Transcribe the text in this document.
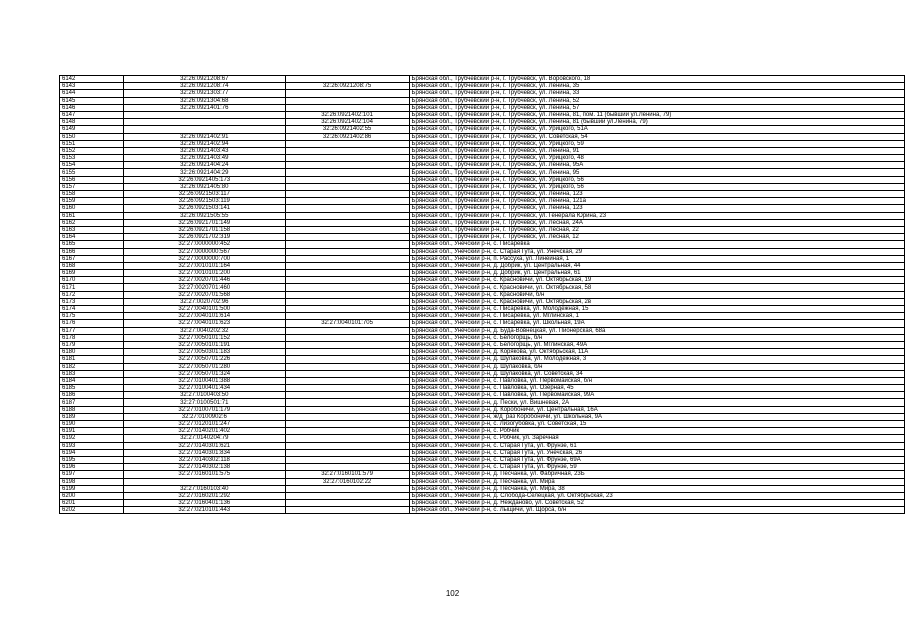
6142	32:26:0921208:67		Брянская обл., Трубчевский р-н, г. Трубчевск, ул. Воровского, 18
6143	32:26:0921208:74	32:26:0921208:75	Брянская обл., Трубчевский р-н, г. Трубчевск, ул. Ленина, 35
6144	32:26:0921303:77		Брянская обл., Трубчевский р-н, г. Трубчевск, ул. Ленина, 33
6145	32:26:0921304:68		Брянская обл., Трубчевский р-н, г. Трубчевск, ул. Ленина, 52
6146	32:26:0921401:76		Брянская обл., Трубчевский р-н, г. Трубчевск, ул. Ленина, 57
6147		32:26:0921402:101	Брянская обл., Трубчевский р-н, г. Трубчевск, ул. Ленина, 81, пом. 11 (бывший ул.Ленина, 79)
6148		32:26:0921402:104	Брянская обл., Трубчевский р-н, г. Трубчевск, ул. Ленина, 81 (бывший ул.Ленина, 79)
6149		32:26:0921402:55	Брянская обл., Трубчевский р-н, г. Трубчевск, ул. Урицкого, 51А
6150	32:26:0921402:91	32:26:0921402:86	Брянская обл., Трубчевский р-н, г. Трубчевск, ул. Советская, 54
6151	32:26:0921402:94		Брянская обл., Трубчевский р-н, г. Трубчевск, ул. Урицкого, 59
6152	32:26:0921403:43		Брянская обл., Трубчевский р-н, г. Трубчевск, ул. Ленина, 91
6153	32:26:0921403:49		Брянская обл., Трубчевский р-н, г. Трубчевск, ул. Урицкого, 48
6154	32:26:0921404:24		Брянская обл., Трубчевский р-н, г. Трубчевск, ул. Ленина, 95А
6155	32:26:0921404:29		Брянская обл., Трубчевский р-н, г. Трубчевск, ул. Ленина, 95
6156	32:26:0921405:173		Брянская обл., Трубчевский р-н, г. Трубчевск, ул. Урицкого, 56
6157	32:26:0921405:80		Брянская обл., Трубчевский р-н, г. Трубчевск, ул. Урицкого, 56
6158	32:26:0921503:117		Брянская обл., Трубчевский р-н, г. Трубчевск, ул. Ленина, 123
6159	32:26:0921503:119		Брянская обл., Трубчевский р-н, г. Трубчевск, ул. Ленина, 121а
6160	32:26:0921503:141		Брянская обл., Трубчевский р-н, г. Трубчевск, ул. Ленина, 123
6161	32:26:0921505:55		Брянская обл., Трубчевский р-н, г. Трубчевск, ул. Генерала Юрина, 23
6162	32:26:0921701:149		Брянская обл., Трубчевский р-н, г. Трубчевск, ул. Лесная, 24А
6163	32:26:0921701:158		Брянская обл., Трубчевский р-н, г. Трубчевск, ул. Лесная, 22
6164	32:26:0921702:319		Брянская обл., Трубчевский р-н, г. Трубчевск, ул. Лесная, 12
6165	32:27:0000000:452		Брянская обл., Унечский р-н, с. Писаревка
6166	32:27:0000000:567		Брянская обл., Унечский р-н, с. Старая Гута, ул. Унечская, 29
6167	32:27:0000000:700		Брянская обл., Унечский р-н, п. Рассуха, ул. Линейная, 1
6168	32:27:0010101:164		Брянская обл., Унечский р-н, д. Добрик, ул. Центральная, 44
6169	32:27:0010101:200		Брянская обл., Унечский р-н, д. Добрик, ул. Центральная, 61
6170	32:27:0020701:446		Брянская обл., Унечский р-н, с. Красновичи, ул. Октябрьская, 19
6171	32:27:0020701:460		Брянская обл., Унечский р-н, с. Красновичи, ул. Октябрьская, 58
6172	32:27:0020701:568		Брянская обл., Унечский р-н, с. Красновичи, б/н
6173	32:27:0020702:96		Брянская обл., Унечский р-н, с. Красновичи, ул. Октябрьская, 2в
6174	32:27:0040101:500		Брянская обл., Унечский р-н, с. Писаревка, ул. Молодежная, 15
6175	32:27:0040101:614		Брянская обл., Унечский р-н, с. Писаревка, ул. Мглинская, 1
6176	32:27:0040101:623	32:27:0040101:705	Брянская обл., Унечский р-н, с. Писаревка, ул. Школьная, 19А
6177	32:27:0040202:32		Брянская обл., Унечский р-н, д. Буда-Вовнецкая, ул. Пионерская, 68а
6178	32:27:0050101:152		Брянская обл., Унечский р-н, с. Белогорщь, б/н
6179	32:27:0050101:191		Брянская обл., Унечский р-н, с. Белогорщь, ул. Мглинская, 49А
6180	32:27:0050301:183		Брянская обл., Унечский р-н, д. Корякова, ул. Октябрьская, 11А
6181	32:27:0050701:226		Брянская обл., Унечский р-н, д. Шулаковка, ул. Молодежная, 3
6182	32:27:0050701:280		Брянская обл., Унечский р-н, д. Шулаковка, б/н
6183	32:27:0050701:324		Брянская обл., Унечский р-н, д. Шулаковка, ул. Советская, 34
6184	32:27:0100401:388		Брянская обл., Унечский р-н, с. Павловка, ул. Первомайская, б/н
6185	32:27:0100401:434		Брянская обл., Унечский р-н, с. Павловка, ул. Озерная, 45
6186	32:27:0100403:50		Брянская обл., Унечский р-н, с. Павловка, ул. Первомайская, 99А
6187	32:27:0100501:71		Брянская обл., Унечский р-н, д. Пески, ул. Вишневая, 2А
6188	32:27:0100701:179		Брянская обл., Унечский р-н, д. Коробоничи, ул. Центральная, 16А
6189	32:27:0100902:6		Брянская обл., Унечский р-н, ж/д_раз Коробоничи, ул. Школьная, 9А
6190	32:27:0120101:247		Брянская обл., Унечский р-н, с. Лизогубовка, ул. Советская, 15
6191	32:27:0140201:402		Брянская обл., Унечский р-н, с. Робчик
6192	32:27:0140204:79		Брянская обл., Унечский р-н, с. Робчик, ул. Заречная
6193	32:27:0140301:621		Брянская обл., Унечский р-н, с. Старая Гута, ул. Фрунзе, 61
6194	32:27:0140301:834		Брянская обл., Унечский р-н, с. Старая Гута, ул. Унечская, 26
6195	32:27:0140302:118		Брянская обл., Унечский р-н, с. Старая Гута, ул. Фрунзе, 69А
6196	32:27:0140302:138		Брянская обл., Унечский р-н, с. Старая Гута, ул. Фрунзе, 59
6197	32:27:0160101:575	32:27:0160101:579	Брянская обл., Унечский р-н, д. Песчанка, ул. Фабричная, 23Б
6198		32:27:0160102:22	Брянская обл., Унечский р-н, д. Песчанка, ул. Мира
6199	32:27:0160103:40		Брянская обл., Унечский р-н, д. Песчанка, ул. Мира, 38
6200	32:27:0160201:292		Брянская обл., Унечский р-н, д. Слобода-Селецкая, ул. Октябрьская, 23
6201	32:27:0160401:136		Брянская обл., Унечский р-н, д. Нежданово, ул. Советская, 52
6202	32:27:0210101:443		Брянская обл., Унечский р-н, с. Лыщичи, ул. Щорса, б/н
102
